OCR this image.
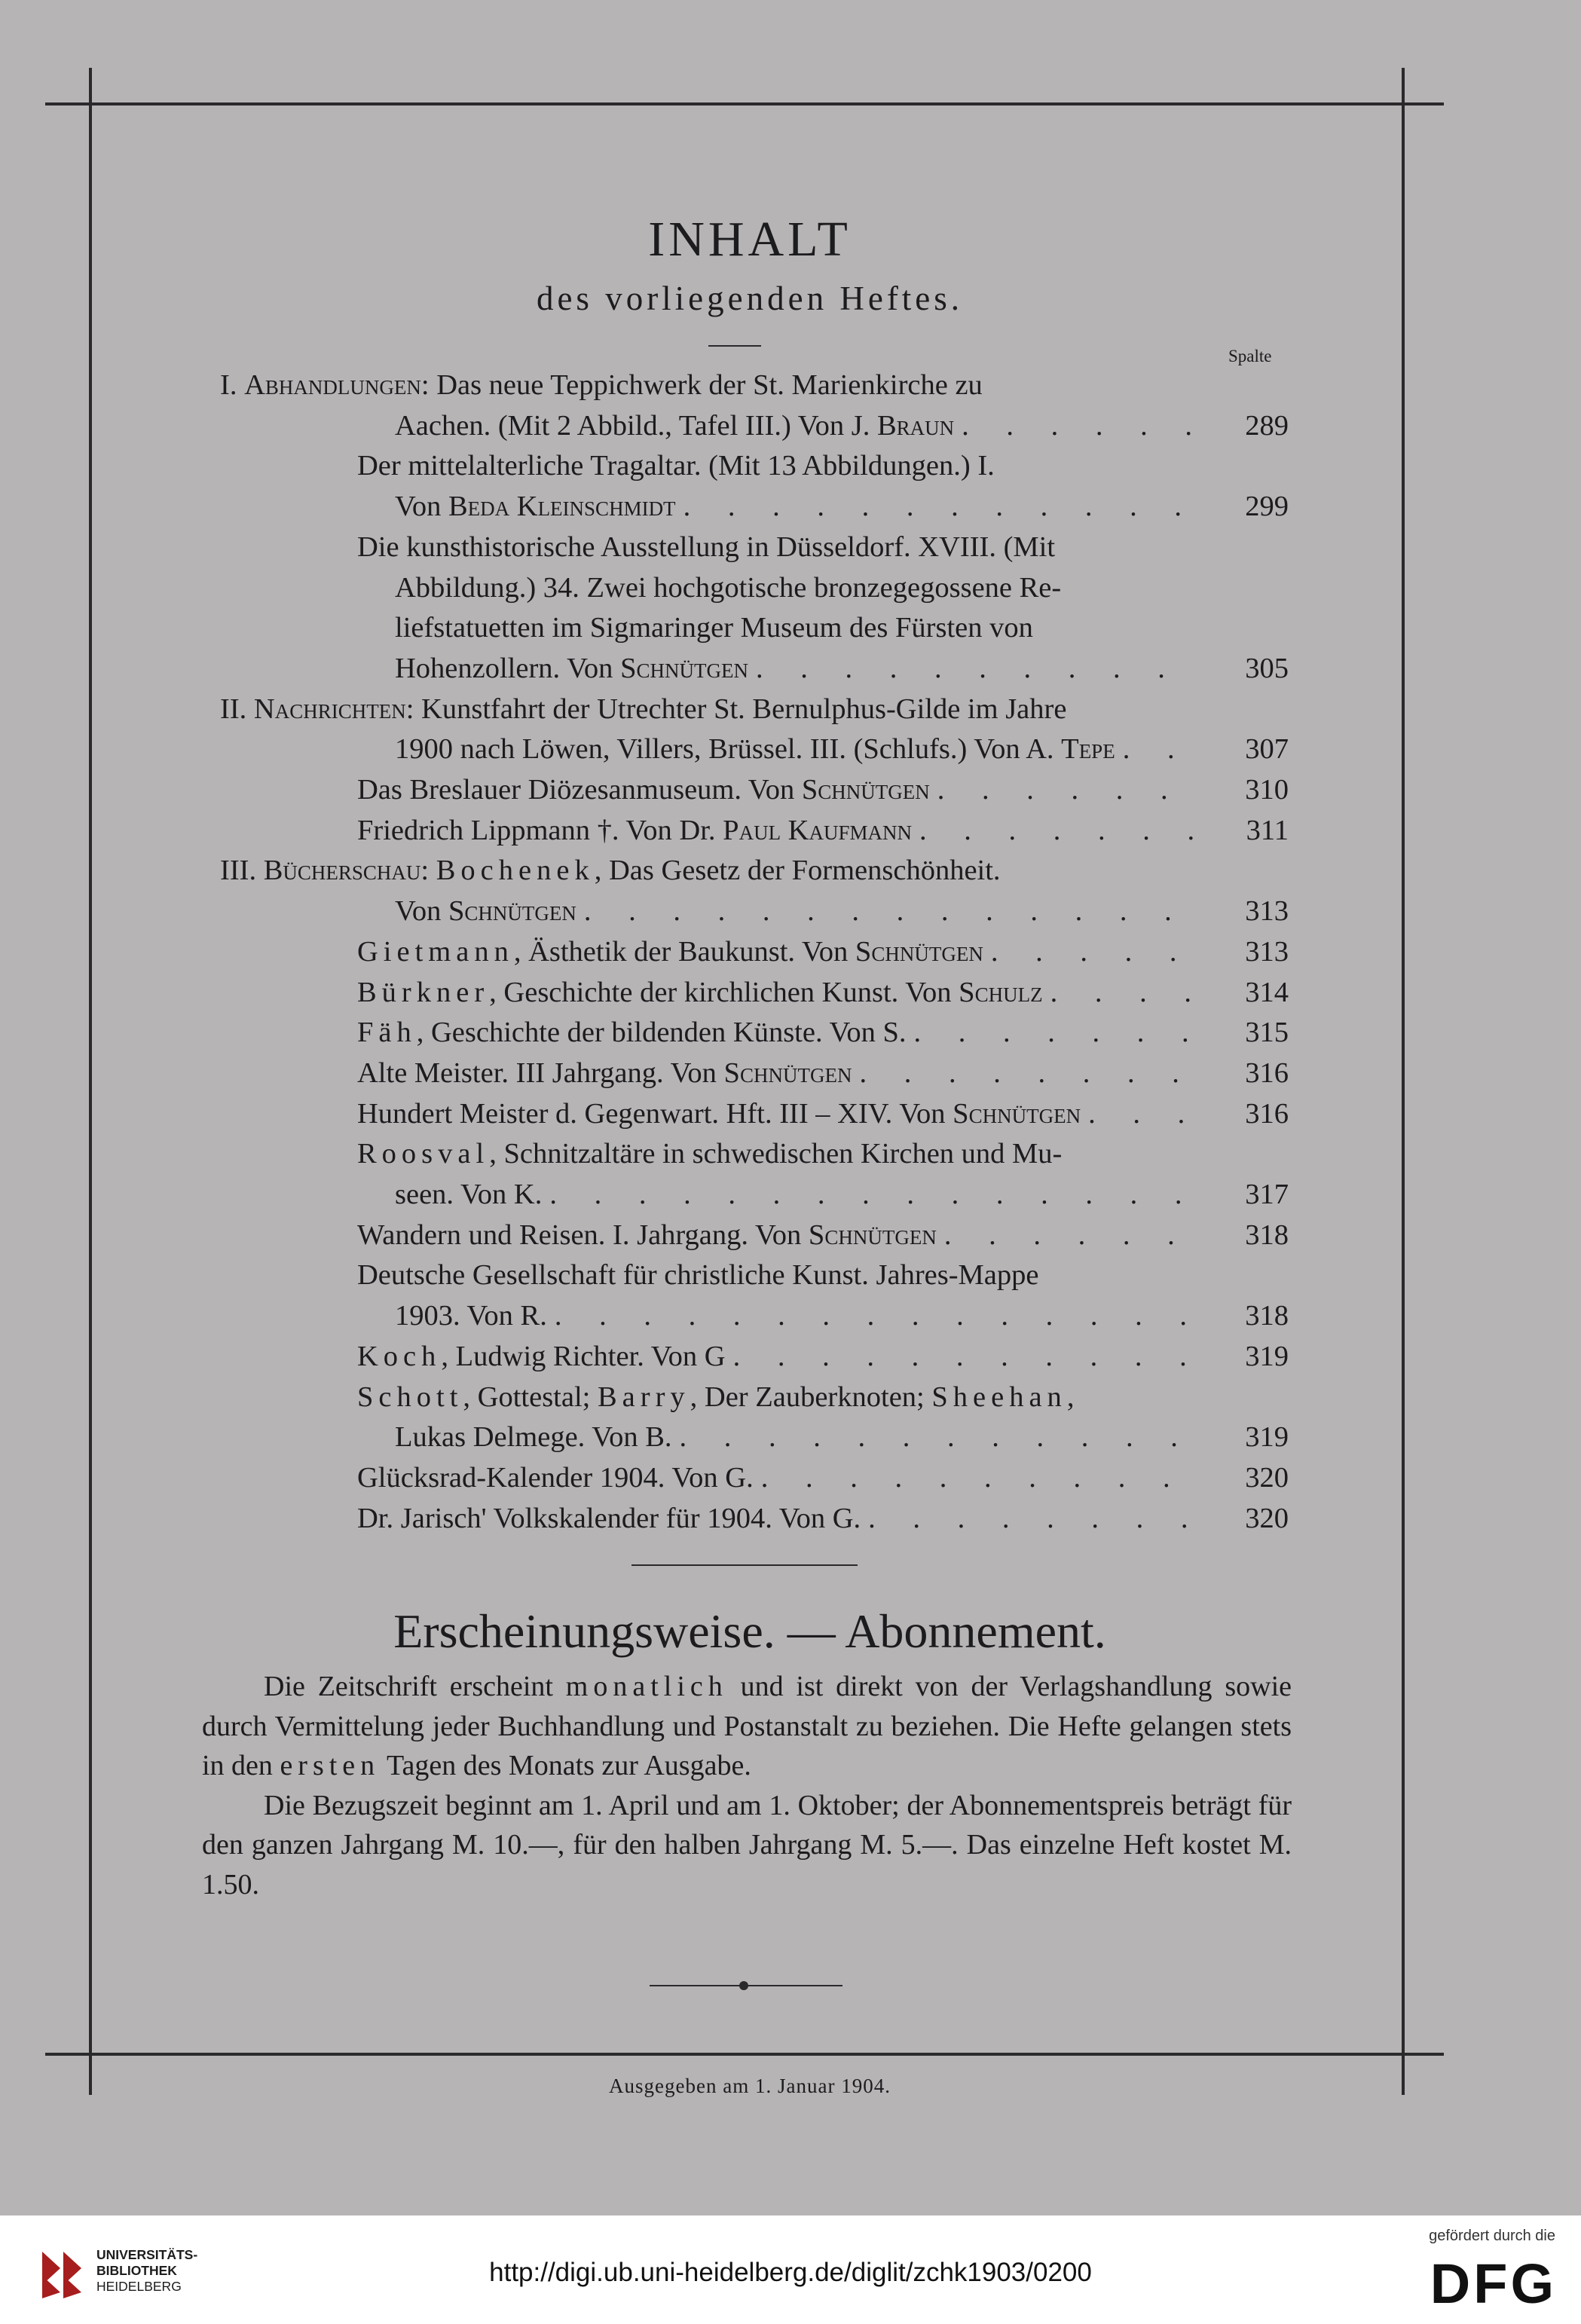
INHALT
des vorliegenden Heftes.
Spalte
I. Abhandlungen: Das neue Teppichwerk der St. Marienkirche zu
289
Aachen. (Mit 2 Abbild., Tafel III.) Von J. Braun
. . .
Der mittelalterliche Tragaltar. (Mit 13 Abbildungen.) I.
299
Von Beda Kleinschmidt
. . .
Die kunsthistorische Ausstellung in Düsseldorf. XVIII. (Mit
Abbildung.) 34. Zwei hochgotische bronzegegossene Re-
liefstatuetten im Sigmaringer Museum des Fürsten von
305
Hohenzollern. Von Schnütgen
. . .
II. Nachrichten: Kunstfahrt der Utrechter St. Bernulphus-Gilde im Jahre
307
1900 nach Löwen, Villers, Brüssel. III. (Schlufs.) Von A. Tepe
. . .
310
Das Breslauer Diözesanmuseum. Von Schnütgen
. . .
311
Friedrich Lippmann †. Von Dr. Paul Kaufmann
. . .
III. Bücherschau: Bochenek, Das Gesetz der Formenschönheit.
313
Von Schnütgen
. . .
313
Gietmann, Ästhetik der Baukunst. Von Schnütgen
. . .
314
Bürkner, Geschichte der kirchlichen Kunst. Von Schulz
. . .
315
Fäh, Geschichte der bildenden Künste. Von S.
. . .
316
Alte Meister. III Jahrgang. Von Schnütgen
. . .
316
Hundert Meister d. Gegenwart. Hft. III – XIV. Von Schnütgen
. . .
Roosval, Schnitzaltäre in schwedischen Kirchen und Mu-
317
seen. Von K.
. . .
318
Wandern und Reisen. I. Jahrgang. Von Schnütgen
. . .
Deutsche Gesellschaft für christliche Kunst. Jahres-Mappe
318
1903. Von R.
. . .
319
Koch, Ludwig Richter. Von G
. . .
Schott, Gottestal; Barry, Der Zauberknoten; Sheehan,
319
Lukas Delmege. Von B.
. . .
320
Glücksrad-Kalender 1904. Von G.
. . .
320
Dr. Jarisch' Volkskalender für 1904. Von G.
. . .
Erscheinungsweise. — Abonnement.

Die Zeitschrift erscheint monatlich und ist direkt von der Verlagshandlung sowie durch Vermittelung jeder Buchhandlung und Postanstalt zu beziehen. Die Hefte gelangen stets in den ersten Tagen des Monats zur Ausgabe.

Die Bezugszeit beginnt am 1. April und am 1. Oktober; der Abonnementspreis beträgt für den ganzen Jahrgang M. 10.—, für den halben Jahrgang M. 5.—. Das einzelne Heft kostet M. 1.50.

Ausgegeben am 1. Januar 1904.
UNIVERSITÄTS-
BIBLIOTHEK
HEIDELBERG	http://digi.ub.uni-heidelberg.de/diglit/zchk1903/0200
gefördert durch die
DFG
